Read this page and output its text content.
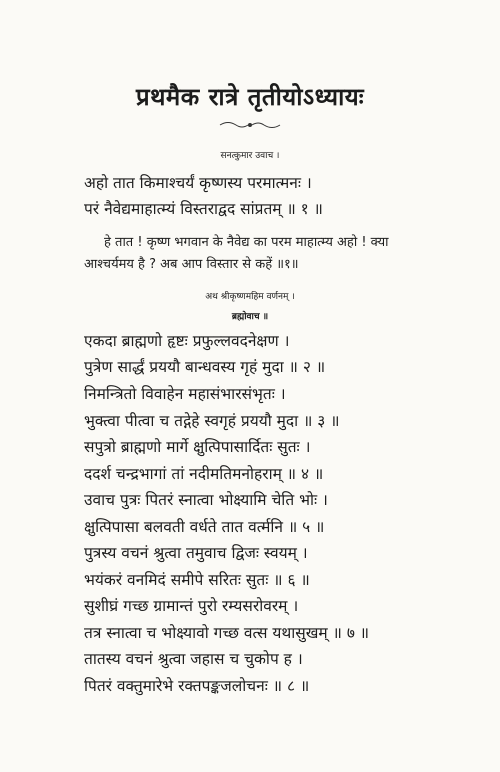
प्रथमैक रात्रे तृतीयोऽध्यायः
सनत्कुमार उवाच ।
अहो तात किमाश्चर्यं कृष्णस्य परमात्मनः ।
परं नैवेद्यमाहात्म्यं विस्तराद्वद सांप्रतम् ॥ १ ॥
हे तात ! कृष्ण भगवान के नैवेद्य का परम माहात्म्य अहो ! क्या
आश्चर्यमय है ? अब आप विस्तार से कहें ॥१॥
अथ श्रीकृष्णमहिम वर्णनम् ।
ब्रह्मोवाच ॥
एकदा ब्राह्मणो हृष्टः प्रफुल्लवदनेक्षण ।
पुत्रेण सार्द्धं प्रययौ बान्धवस्य गृहं मुदा ॥ २ ॥
निमन्त्रितो विवाहेन महासंभारसंभृतः ।
भुक्त्वा पीत्वा च तद्गेहे स्वगृहं प्रययौ मुदा ॥ ३ ॥
सपुत्रो ब्राह्मणो मार्गे क्षुत्पिपासार्दितः सुतः ।
ददर्श चन्द्रभागां तां नदीमतिमनोहराम् ॥ ४ ॥
उवाच पुत्रः पितरं स्नात्वा भोक्ष्यामि चेति भोः ।
क्षुत्पिपासा बलवती वर्धते तात वर्त्मनि ॥ ५ ॥
पुत्रस्य वचनं श्रुत्वा तमुवाच द्विजः स्वयम् ।
भयंकरं वनमिदं समीपे सरितः सुतः ॥ ६ ॥
सुशीघ्रं गच्छ ग्रामान्तं पुरो रम्यसरोवरम् ।
तत्र स्नात्वा च भोक्ष्यावो गच्छ वत्स यथासुखम् ॥ ७ ॥
तातस्य वचनं श्रुत्वा जहास च चुकोप ह ।
पितरं वक्तुमारेभे रक्तपङ्कजलोचनः ॥ ८ ॥
